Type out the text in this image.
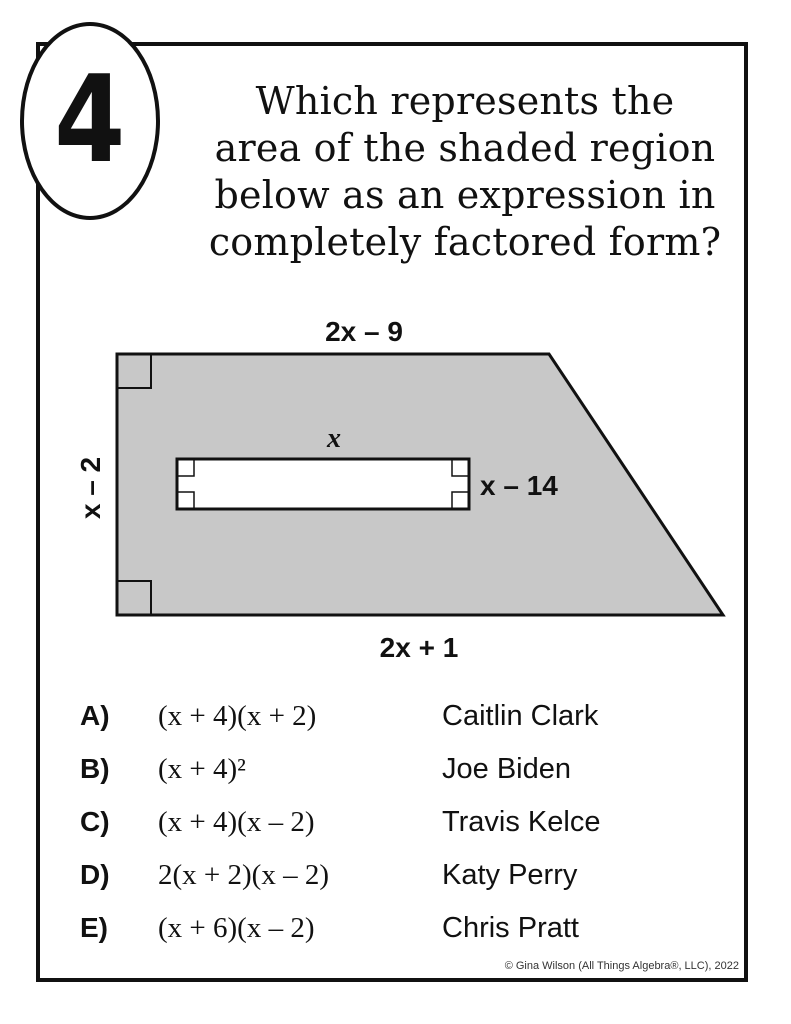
4	Which represents the
area of the shaded region
below as an expression in
completely factored form?
2x – 9
2x + 1
x – 2
x
x – 14
A) (x + 4)(x + 2)	Caitlin Clark
B) (x + 4)²	Joe Biden
C) (x + 4)(x – 2)	Travis Kelce
D) 2(x + 2)(x – 2)	Katy Perry
E) (x + 6)(x – 2)	Chris Pratt
© Gina Wilson (All Things Algebra®, LLC), 2022
